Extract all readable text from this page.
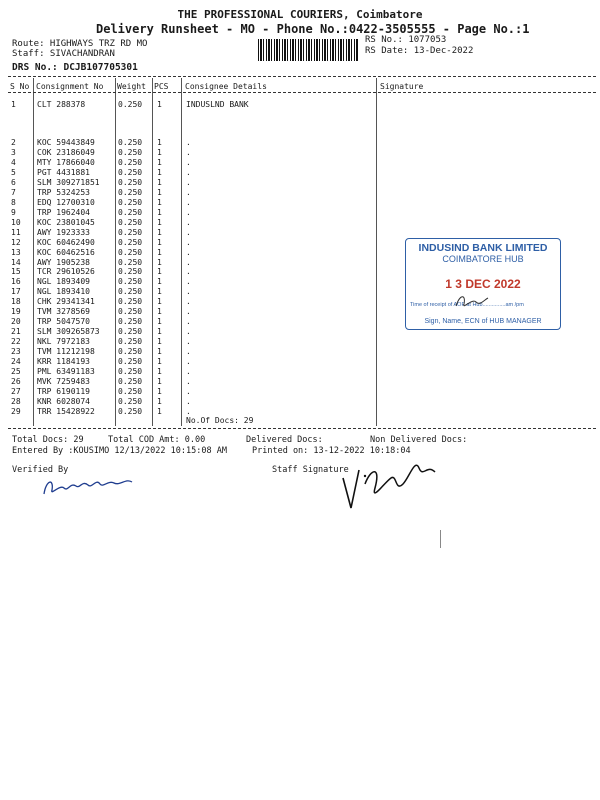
THE PROFESSIONAL COURIERS, Coimbatore
Delivery Runsheet - MO - Phone No.:0422-3505555 - Page No.:1
Route: HIGHWAYS TRZ RD MO
Staff: SIVACHANDRAN
DRS No.: DCJB107705301
RS No.: 1077053
RS Date: 13-Dec-2022
S No Consignment No Weight PCS Consignee Details	Signature
1	CLT 288378	0.250 1	INDUSLND BANK
2	KOC 59443849	0.250 1	.
3	COK 23186049	0.250 1	.
4	MTY 17866040	0.250 1	.
5	PGT 4431881	0.250 1	.
6	SLM 309271851 0.250 1	.
7	TRP 5324253	0.250 1	.
8	EDQ 12700310	0.250 1	.
9	TRP 1962404	0.250 1	.
10 KOC 23801045	0.250 1	.
11 AWY 1923333	0.250 1	.
12 KOC 60462490	0.250 1	.
13 KOC 60462516	0.250 1	.
14 AWY 1905238	0.250 1	.
15 TCR 29610526	0.250 1	.
16 NGL 1893409	0.250 1	.
17 NGL 1893410	0.250 1	.
18 CHK 29341341	0.250 1	.
19 TVM 3278569	0.250 1	.
20 TRP 5047570	0.250 1	.
21 SLM 309265873 0.250 1	.
22 NKL 7972183	0.250 1	.
23 TVM 11212198	0.250 1	.
24 KRR 1184193	0.250 1	.
25 PML 63491183	0.250 1	.
26 MVK 7259483	0.250 1	.
27 TRP 6190119	0.250 1	.
28 KNR 6028074	0.250 1	.
29 TRR 15428922	0.250 1	.
No.Of Docs: 29
Total Docs: 29	Total COD Amt: 0.00	Delivered Docs:	Non Delivered Docs:
Entered By :KOUSIMO 12/13/2022 10:15:08 AM	Printed on: 13-12-2022 10:18:04
Verified By	Staff Signature
INDUSIND BANK LIMITED
COIMBATORE HUB
1 3 DEC 2022
Time of receipt of AOF at Hub...............am /pm
Sign, Name, ECN of HUB MANAGER
